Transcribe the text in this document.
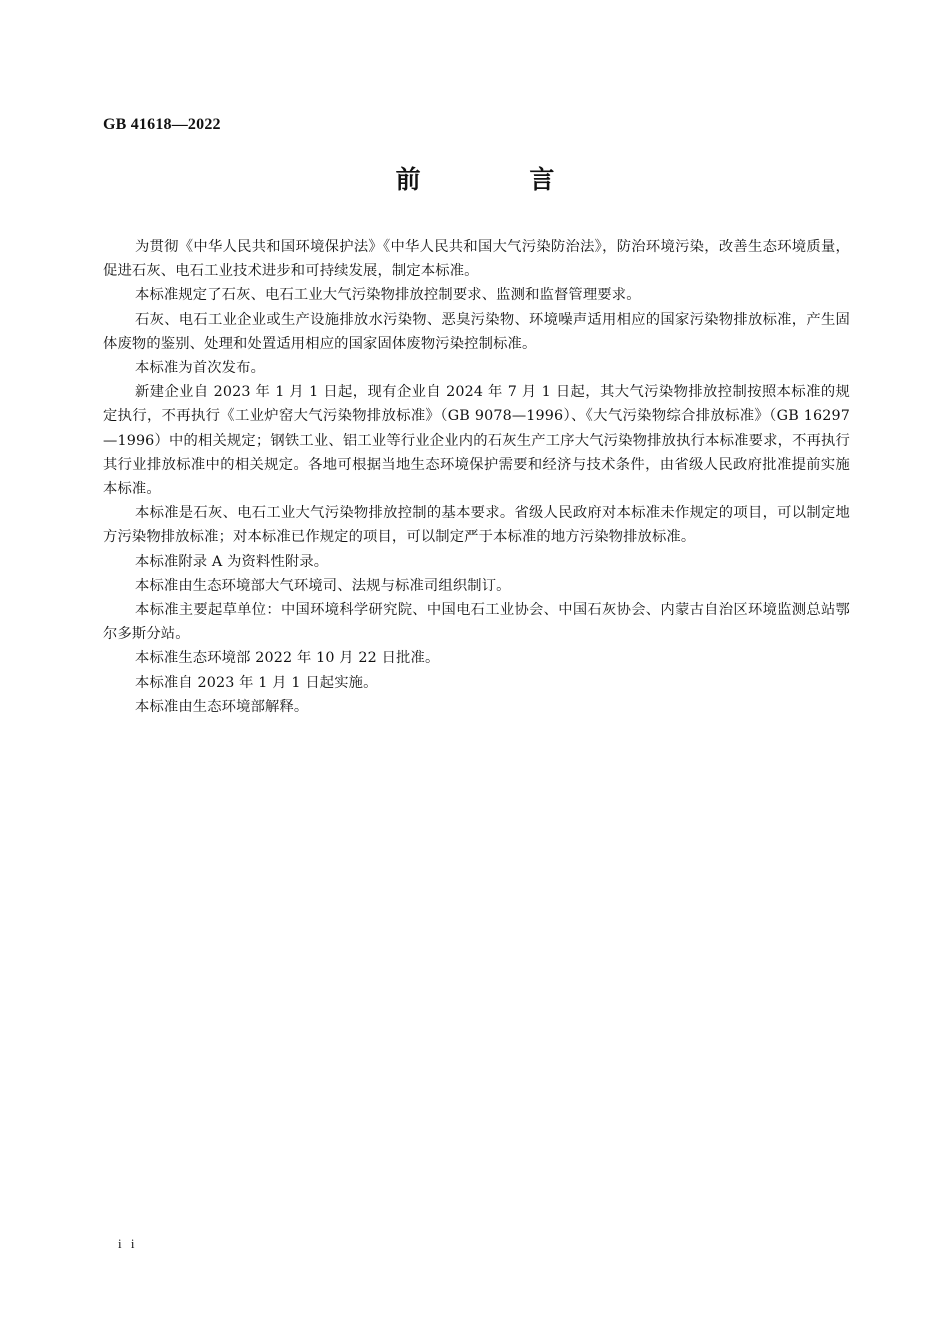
GB 41618—2022
前 言

为贯彻《中华人民共和国环境保护法》《中华人民共和国大气污染防治法》，防治环境污染，改善生态环境质量，促进石灰、电石工业技术进步和可持续发展，制定本标准。

本标准规定了石灰、电石工业大气污染物排放控制要求、监测和监督管理要求。

石灰、电石工业企业或生产设施排放水污染物、恶臭污染物、环境噪声适用相应的国家污染物排放标准，产生固体废物的鉴别、处理和处置适用相应的国家固体废物污染控制标准。

本标准为首次发布。

新建企业自 2023 年 1 月 1 日起，现有企业自 2024 年 7 月 1 日起，其大气污染物排放控制按照本标准的规定执行，不再执行《工业炉窑大气污染物排放标准》（GB 9078—1996）、《大气污染物综合排放标准》（GB 16297—1996）中的相关规定；钢铁工业、铝工业等行业企业内的石灰生产工序大气污染物排放执行本标准要求，不再执行其行业排放标准中的相关规定。各地可根据当地生态环境保护需要和经济与技术条件，由省级人民政府批准提前实施本标准。

本标准是石灰、电石工业大气污染物排放控制的基本要求。省级人民政府对本标准未作规定的项目，可以制定地方污染物排放标准；对本标准已作规定的项目，可以制定严于本标准的地方污染物排放标准。

本标准附录 A 为资料性附录。

本标准由生态环境部大气环境司、法规与标准司组织制订。

本标准主要起草单位：中国环境科学研究院、中国电石工业协会、中国石灰协会、内蒙古自治区环境监测总站鄂尔多斯分站。

本标准生态环境部 2022 年 10 月 22 日批准。

本标准自 2023 年 1 月 1 日起实施。

本标准由生态环境部解释。

i i
